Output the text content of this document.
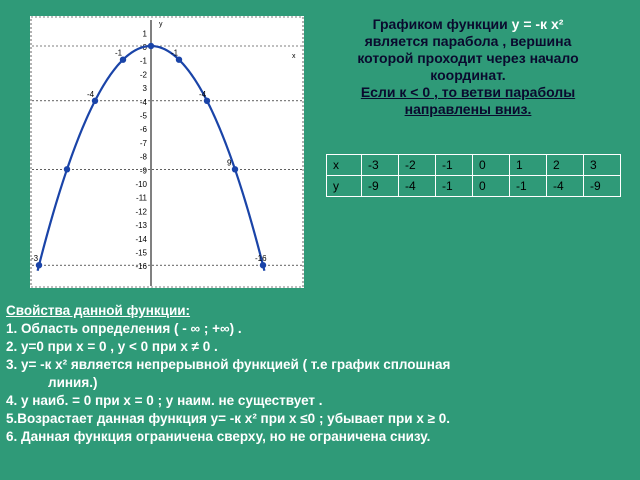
1
0
-1
-2
3
-4
-5
-6
-7
-8
-9
-10
-11
-12
-13
-14
-15
-16
y
x
-1	-1
-4	-4
9
-16
-3
Графиком функции y = -к x²
является парабола , вершина
которой проходит через начало
координат.
Если к < 0 , то ветви параболы
направлены вниз.
x	-3	-2	-1	0	1	2	3
у	-9	-4	-1	0	-1	-4	-9
Свойства данной функции:
1. Область определения ( - ∞ ; +∞) .
2. у=0 при х = 0 , у < 0 при х ≠ 0 .
3. у= -к х² является непрерывной функцией ( т.е график сплошная
линия.)
4. у наиб. = 0 при х = 0 ; у наим. не существует .
5.Возрастает данная функция у= -к х² при х ≤0 ; убывает при х ≥ 0.
6. Данная функция ограничена сверху, но не ограничена снизу.
